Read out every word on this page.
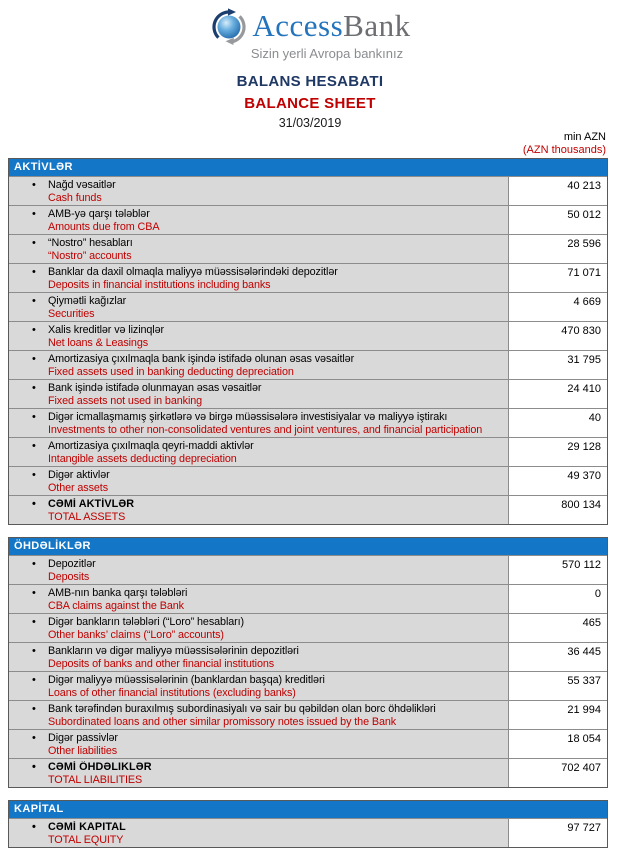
AccessBank
Sizin yerli Avropa bankınız
BALANS HESABATI
BALANCE SHEET
31/03/2019
min AZN
(AZN thousands)
AKTİVLƏR
•	Nağd vəsaitlər
Cash funds
40 213
•	AMB-yə qarşı tələblər
Amounts due from CBA
50 012
•	“Nostro” hesabları
“Nostro” accounts
28 596
•	Banklar da daxil olmaqla maliyyə müəssisələrindəki depozitlər
Deposits in financial institutions including banks
71 071
•	Qiymətli kağızlar
Securities
4 669
•	Xalis kreditlər və lizinqlər
Net loans & Leasings
470 830
•	Amortizasiya çıxılmaqla bank işində istifadə olunan əsas vəsaitlər
Fixed assets used in banking deducting depreciation
31 795
•	Bank işində istifadə olunmayan əsas vəsaitlər
Fixed assets not used in banking
24 410
•	Digər icmallaşmamış şirkətlərə və birgə müəssisələrə investisiyalar və maliyyə iştirakı
Investments to other non-consolidated ventures and joint ventures, and financial participation
40
•	Amortizasiya çıxılmaqla qeyri-maddi aktivlər
Intangible assets deducting depreciation
29 128
•	Digər aktivlər
Other assets
49 370
•	CƏMİ AKTİVLƏR
TOTAL ASSETS
800 134
ÖHDƏLİKLƏR
•	Depozitlər
Deposits
570 112
•	AMB-nın banka qarşı tələbləri
CBA claims against the Bank
0
•	Digər bankların tələbləri (“Loro” hesabları)
Other banks’ claims (“Loro” accounts)
465
•	Bankların və digər maliyyə müəssisələrinin depozitləri
Deposits of banks and other financial institutions
36 445
•	Digər maliyyə müəssisələrinin (banklardan başqa) kreditləri
Loans of other financial institutions (excluding banks)
55 337
•	Bank tərəfindən buraxılmış subordinasiyalı və sair bu qəbildən olan borc öhdəlikləri
Subordinated loans and other similar promissory notes issued by the Bank
21 994
•	Digər passivlər
Other liabilities
18 054
•	CƏMİ ÖHDƏLIKLƏR
TOTAL LIABILITIES
702 407
KAPİTAL
•	CƏMİ KAPITAL
TOTAL EQUITY
97 727
